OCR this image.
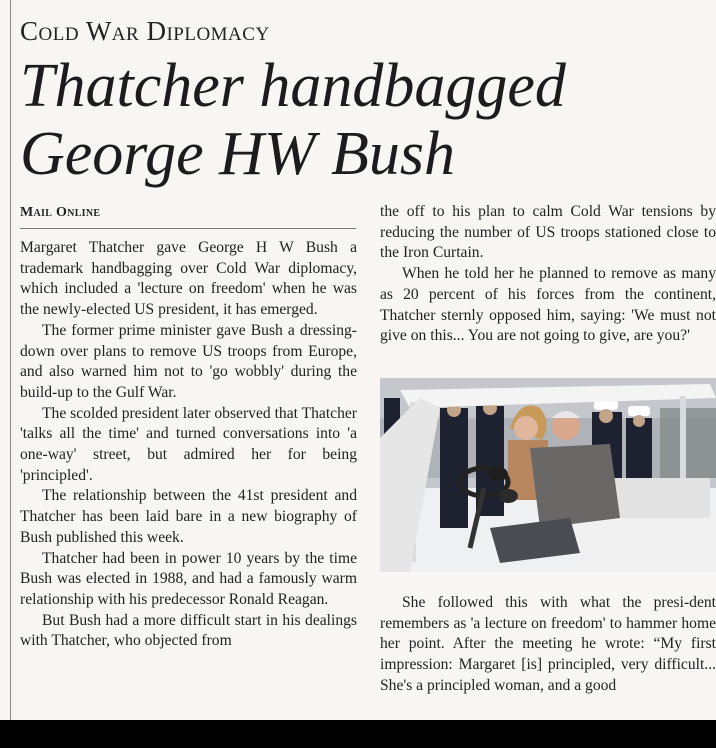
Cold War Diplomacy
Thatcher handbagged George HW Bush
Mail Online

Margaret Thatcher gave George H W Bush a trademark handbagging over Cold War diplomacy, which included a 'lecture on freedom' when he was the newly-elected US president, it has emerged.

The former prime minister gave Bush a dressing-down over plans to remove US troops from Europe, and also warned him not to 'go wobbly' during the build-up to the Gulf War.

The scolded president later observed that Thatcher 'talks all the time' and turned conversations into 'a one-way' street, but admired her for being 'principled'.

The relationship between the 41st president and Thatcher has been laid bare in a new biography of Bush published this week.

Thatcher had been in power 10 years by the time Bush was elected in 1988, and had a famously warm relationship with his predecessor Ronald Reagan.

But Bush had a more difficult start in his dealings with Thatcher, who objected from

the off to his plan to calm Cold War tensions by reducing the number of US troops stationed close to the Iron Curtain.

When he told her he planned to remove as many as 20 percent of his forces from the continent, Thatcher sternly opposed him, saying: 'We must not give on this... You are not going to give, are you?'

She followed this with what the presi-dent remembers as 'a lecture on freedom' to hammer home her point. After the meeting he wrote: “My first impression: Margaret [is] principled, very difficult... She's a principled woman, and a good
